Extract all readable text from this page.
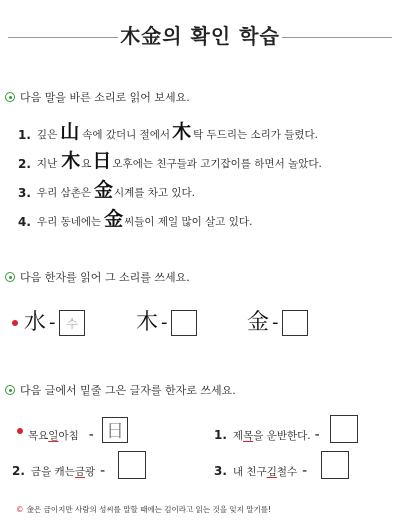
木金의 확인 학습
다음 말을 바른 소리로 읽어 보세요.
1. 깊은 山 속에 갔더니 절에서 木 탁 두드리는 소리가 들렸다.
2. 지난 木 요 日 오후에는 친구들과 고기잡이를 하면서 놀았다.
3. 우리 삼촌은 金 시계를 차고 있다.
4. 우리 동네에는 金 씨들이 제일 많이 살고 있다.
다음 한자를 읽어 그 소리를 쓰세요.
水 - 수	木 -	金 -
다음 글에서 밑줄 그은 글자를 한자로 쓰세요.
목요 일 아침 - 日	1. 제 목 을 운반한다. -
2. 금을 캐는 금 광 -	3. 내 친구 김 철수 -
© 金은 금이지만 사람의 성씨를 말할 때에는 김이라고 읽는 것을 잊지 말기를!
